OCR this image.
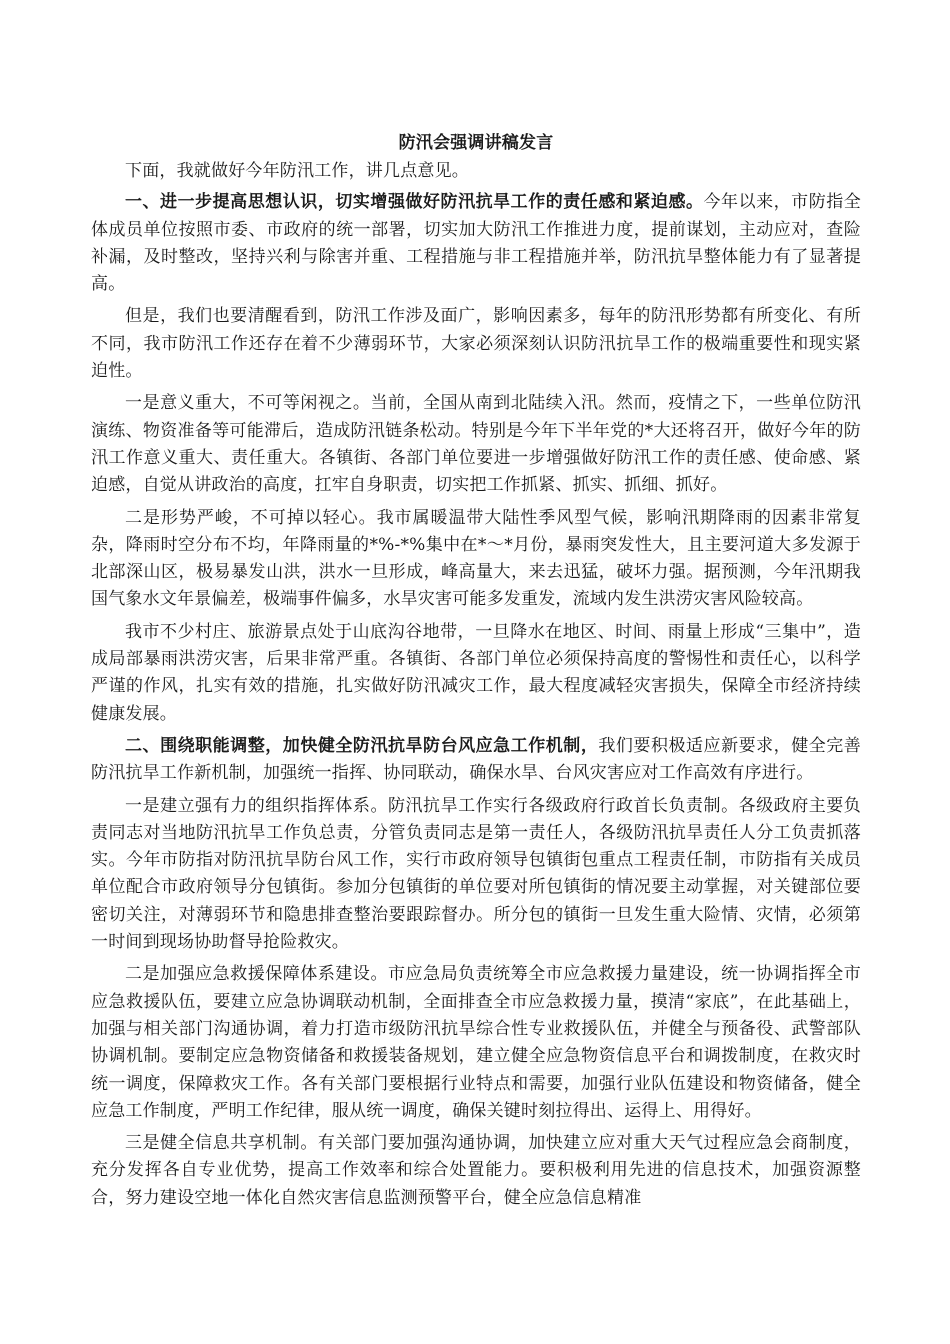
防汛会强调讲稿发言

下面，我就做好今年防汛工作，讲几点意见。

一、进一步提高思想认识，切实增强做好防汛抗旱工作的责任感和紧迫感。今年以来，市防指全体成员单位按照市委、市政府的统一部署，切实加大防汛工作推进力度，提前谋划，主动应对，查险补漏，及时整改，坚持兴利与除害并重、工程措施与非工程措施并举，防汛抗旱整体能力有了显著提高。

但是，我们也要清醒看到，防汛工作涉及面广，影响因素多，每年的防汛形势都有所变化、有所不同，我市防汛工作还存在着不少薄弱环节，大家必须深刻认识防汛抗旱工作的极端重要性和现实紧迫性。

一是意义重大，不可等闲视之。当前，全国从南到北陆续入汛。然而，疫情之下，一些单位防汛演练、物资准备等可能滞后，造成防汛链条松动。特别是今年下半年党的*大还将召开，做好今年的防汛工作意义重大、责任重大。各镇街、各部门单位要进一步增强做好防汛工作的责任感、使命感、紧迫感，自觉从讲政治的高度，扛牢自身职责，切实把工作抓紧、抓实、抓细、抓好。

二是形势严峻，不可掉以轻心。我市属暖温带大陆性季风型气候，影响汛期降雨的因素非常复杂，降雨时空分布不均，年降雨量的*%-*%集中在*～*月份，暴雨突发性大，且主要河道大多发源于北部深山区，极易暴发山洪，洪水一旦形成，峰高量大，来去迅猛，破坏力强。据预测，今年汛期我国气象水文年景偏差，极端事件偏多，水旱灾害可能多发重发，流域内发生洪涝灾害风险较高。

我市不少村庄、旅游景点处于山底沟谷地带，一旦降水在地区、时间、雨量上形成“三集中”，造成局部暴雨洪涝灾害，后果非常严重。各镇街、各部门单位必须保持高度的警惕性和责任心，以科学严谨的作风，扎实有效的措施，扎实做好防汛减灾工作，最大程度减轻灾害损失，保障全市经济持续健康发展。

二、围绕职能调整，加快健全防汛抗旱防台风应急工作机制，我们要积极适应新要求，健全完善防汛抗旱工作新机制，加强统一指挥、协同联动，确保水旱、台风灾害应对工作高效有序进行。

一是建立强有力的组织指挥体系。防汛抗旱工作实行各级政府行政首长负责制。各级政府主要负责同志对当地防汛抗旱工作负总责，分管负责同志是第一责任人，各级防汛抗旱责任人分工负责抓落实。今年市防指对防汛抗旱防台风工作，实行市政府领导包镇街包重点工程责任制，市防指有关成员单位配合市政府领导分包镇街。参加分包镇街的单位要对所包镇街的情况要主动掌握，对关键部位要密切关注，对薄弱环节和隐患排查整治要跟踪督办。所分包的镇街一旦发生重大险情、灾情，必须第一时间到现场协助督导抢险救灾。

二是加强应急救援保障体系建设。市应急局负责统筹全市应急救援力量建设，统一协调指挥全市应急救援队伍，要建立应急协调联动机制，全面排查全市应急救援力量，摸清“家底”，在此基础上，加强与相关部门沟通协调，着力打造市级防汛抗旱综合性专业救援队伍，并健全与预备役、武警部队协调机制。要制定应急物资储备和救援装备规划，建立健全应急物资信息平台和调拨制度，在救灾时统一调度，保障救灾工作。各有关部门要根据行业特点和需要，加强行业队伍建设和物资储备，健全应急工作制度，严明工作纪律，服从统一调度，确保关键时刻拉得出、运得上、用得好。

三是健全信息共享机制。有关部门要加强沟通协调，加快建立应对重大天气过程应急会商制度，充分发挥各自专业优势，提高工作效率和综合处置能力。要积极利用先进的信息技术，加强资源整合，努力建设空地一体化自然灾害信息监测预警平台，健全应急信息精准
